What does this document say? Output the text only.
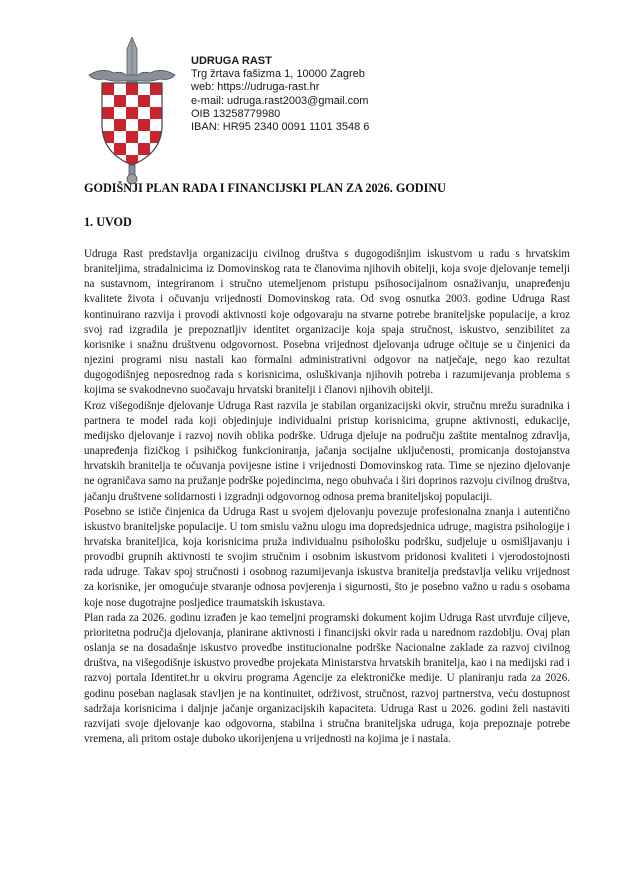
UDRUGA RAST
Trg žrtava fašizma 1, 10000 Zagreb
web: https://udruga-rast.hr
e-mail: udruga.rast2003@gmail.com
OIB 13258779980
IBAN: HR95 2340 0091 1101 3548 6
GODIŠNJI PLAN RADA I FINANCIJSKI PLAN ZA 2026. GODINU
1. UVOD

Udruga Rast predstavlja organizaciju civilnog društva s dugogodišnjim iskustvom u radu s hrvatskim braniteljima, stradalnicima iz Domovinskog rata te članovima njihovih obitelji, koja svoje djelovanje temelji na sustavnom, integriranom i stručno utemeljenom pristupu psihosocijalnom osnaživanju, unapređenju kvalitete života i očuvanju vrijednosti Domovinskog rata. Od svog osnutka 2003. godine Udruga Rast kontinuirano razvija i provodi aktivnosti koje odgovaraju na stvarne potrebe braniteljske populacije, a kroz svoj rad izgradila je prepoznatljiv identitet organizacije koja spaja stručnost, iskustvo, senzibilitet za korisnike i snažnu društvenu odgovornost. Posebna vrijednost djelovanja udruge očituje se u činjenici da njezini programi nisu nastali kao formalni administrativni odgovor na natječaje, nego kao rezultat dugogodišnjeg neposrednog rada s korisnicima, osluškivanja njihovih potreba i razumijevanja problema s kojima se svakodnevno suočavaju hrvatski branitelji i članovi njihovih obitelji.

Kroz višegodišnje djelovanje Udruga Rast razvila je stabilan organizacijski okvir, stručnu mrežu suradnika i partnera te model rada koji objedinjuje individualni pristup korisnicima, grupne aktivnosti, edukacije, medijsko djelovanje i razvoj novih oblika podrške. Udruga djeluje na području zaštite mentalnog zdravlja, unapređenja fizičkog i psihičkog funkcioniranja, jačanja socijalne uključenosti, promicanja dostojanstva hrvatskih branitelja te očuvanja povijesne istine i vrijednosti Domovinskog rata. Time se njezino djelovanje ne ograničava samo na pružanje podrške pojedincima, nego obuhvaća i širi doprinos razvoju civilnog društva, jačanju društvene solidarnosti i izgradnji odgovornog odnosa prema braniteljskoj populaciji.

Posebno se ističe činjenica da Udruga Rast u svojem djelovanju povezuje profesionalna znanja i autentično iskustvo braniteljske populacije. U tom smislu važnu ulogu ima dopredsjednica udruge, magistra psihologije i hrvatska braniteljica, koja korisnicima pruža individualnu psihološku podršku, sudjeluje u osmišljavanju i provodbi grupnih aktivnosti te svojim stručnim i osobnim iskustvom pridonosi kvaliteti i vjerodostojnosti rada udruge. Takav spoj stručnosti i osobnog razumijevanja iskustva branitelja predstavlja veliku vrijednost za korisnike, jer omogućuje stvaranje odnosa povjerenja i sigurnosti, što je posebno važno u radu s osobama koje nose dugotrajne posljedice traumatskih iskustava.

Plan rada za 2026. godinu izrađen je kao temeljni programski dokument kojim Udruga Rast utvrđuje ciljeve, prioritetna područja djelovanja, planirane aktivnosti i financijski okvir rada u narednom razdoblju. Ovaj plan oslanja se na dosadašnje iskustvo provedbe institucionalne podrške Nacionalne zaklade za razvoj civilnog društva, na višegodišnje iskustvo provedbe projekata Ministarstva hrvatskih branitelja, kao i na medijski rad i razvoj portala Identitet.hr u okviru programa Agencije za elektroničke medije. U planiranju rada za 2026. godinu poseban naglasak stavljen je na kontinuitet, održivost, stručnost, razvoj partnerstva, veću dostupnost sadržaja korisnicima i daljnje jačanje organizacijskih kapaciteta. Udruga Rast u 2026. godini želi nastaviti razvijati svoje djelovanje kao odgovorna, stabilna i stručna braniteljska udruga, koja prepoznaje potrebe vremena, ali pritom ostaje duboko ukorijenjena u vrijednosti na kojima je i nastala.
